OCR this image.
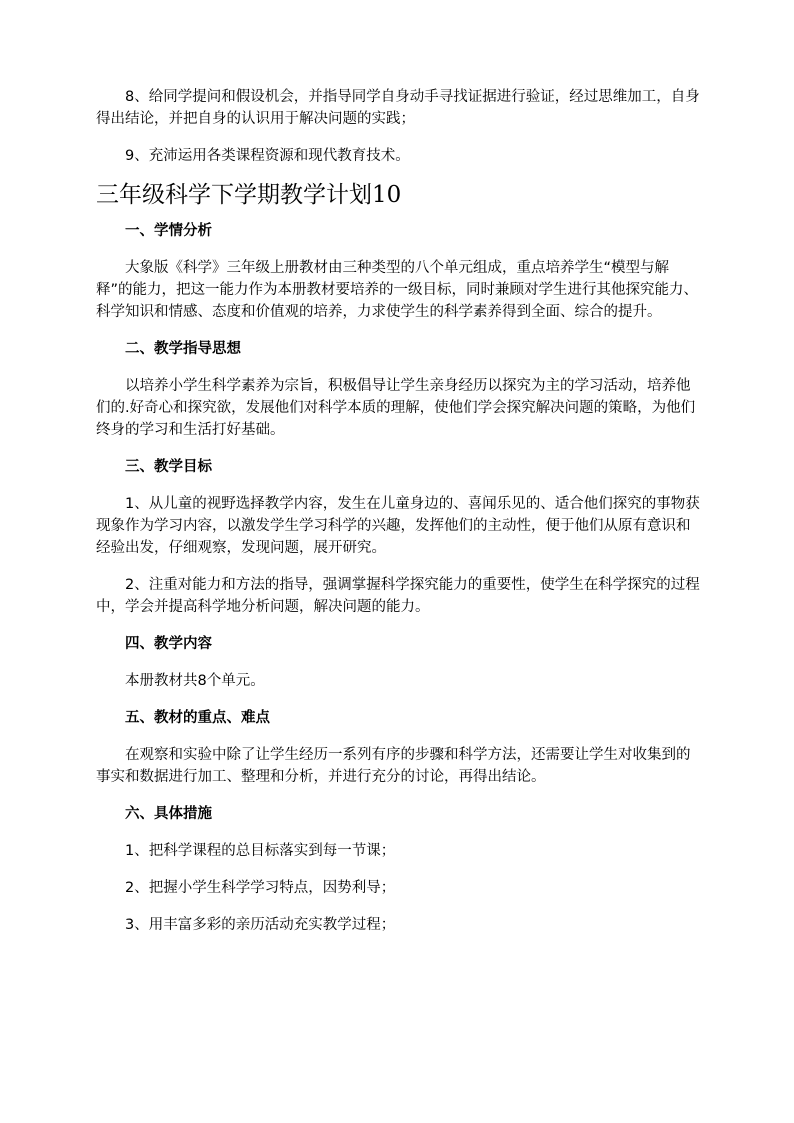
8、给同学提问和假设机会，并指导同学自身动手寻找证据进行验证，经过思维加工，自身得出结论，并把自身的认识用于解决问题的实践；

9、充沛运用各类课程资源和现代教育技术。

三年级科学下学期教学计划10

一、学情分析

大象版《科学》三年级上册教材由三种类型的八个单元组成，重点培养学生“模型与解释”的能力，把这一能力作为本册教材要培养的一级目标，同时兼顾对学生进行其他探究能力、科学知识和情感、态度和价值观的培养，力求使学生的科学素养得到全面、综合的提升。

二、教学指导思想

以培养小学生科学素养为宗旨，积极倡导让学生亲身经历以探究为主的学习活动，培养他们的.好奇心和探究欲，发展他们对科学本质的理解，使他们学会探究解决问题的策略，为他们终身的学习和生活打好基础。

三、教学目标

1、从儿童的视野选择教学内容，发生在儿童身边的、喜闻乐见的、适合他们探究的事物获现象作为学习内容，以激发学生学习科学的兴趣，发挥他们的主动性，便于他们从原有意识和经验出发，仔细观察，发现问题，展开研究。

2、注重对能力和方法的指导，强调掌握科学探究能力的重要性，使学生在科学探究的过程中，学会并提高科学地分析问题，解决问题的能力。

四、教学内容

本册教材共8个单元。

五、教材的重点、难点

在观察和实验中除了让学生经历一系列有序的步骤和科学方法，还需要让学生对收集到的事实和数据进行加工、整理和分析，并进行充分的讨论，再得出结论。

六、具体措施

1、把科学课程的总目标落实到每一节课；

2、把握小学生科学学习特点，因势利导；

3、用丰富多彩的亲历活动充实教学过程；
